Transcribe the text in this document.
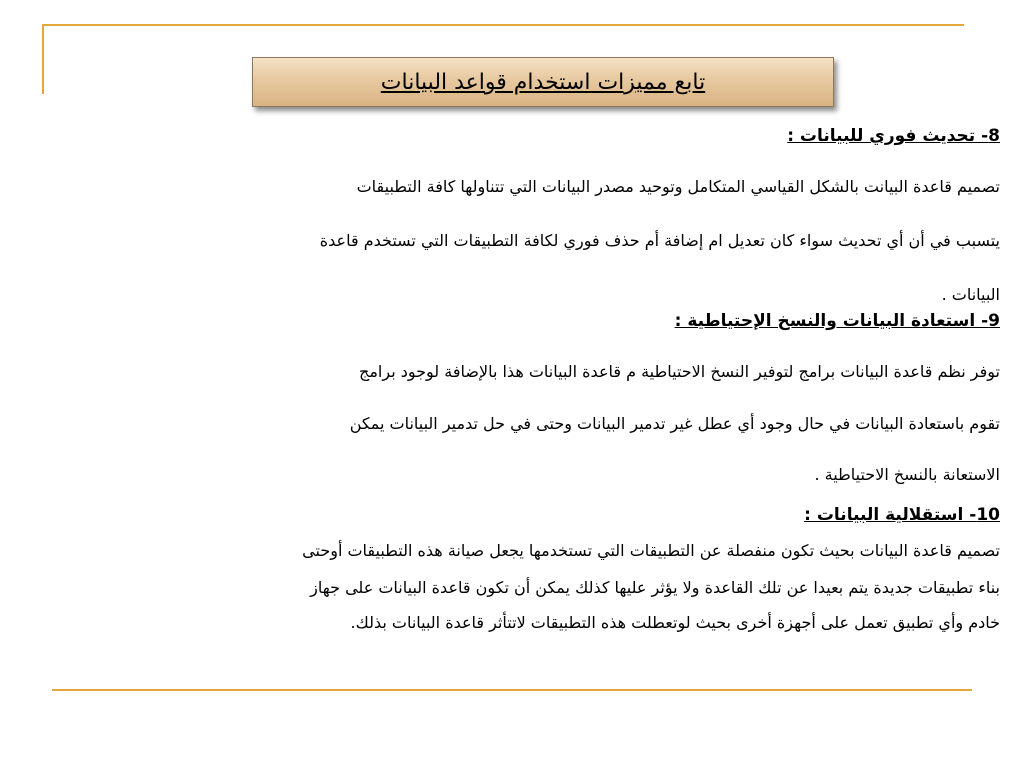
تابع مميزات استخدام قواعد البيانات
8- تحديث فوري للبيانات :
تصميم قاعدة البيانت بالشكل القياسي المتكامل وتوحيد مصدر البيانات التي تتناولها كافة التطبيقات
يتسبب في أن أي تحديث سواء كان تعديل ام إضافة أم حذف فوري لكافة التطبيقات التي تستخدم قاعدة
البيانات .
9- استعادة البيانات والنسخ الإحتياطية :
توفر نظم قاعدة البيانات برامج لتوفير النسخ الاحتياطية م قاعدة البيانات هذا بالإضافة لوجود برامج
تقوم باستعادة البيانات في حال وجود أي عطل غير تدمير البيانات وحتى في حل تدمير البيانات يمكن
الاستعانة بالنسخ الاحتياطية .
10- استقلالية البيانات :
تصميم قاعدة البيانات بحيث تكون منفصلة عن التطبيقات التي تستخدمها يجعل صيانة هذه التطبيقات أوحتى
بناء تطبيقات جديدة يتم بعيدا عن تلك القاعدة ولا يؤثر عليها كذلك يمكن أن تكون قاعدة البيانات على جهاز
خادم وأي تطبيق تعمل على أجهزة أخرى بحيث لوتعطلت هذه التطبيقات لاتتأثر قاعدة البيانات بذلك.
